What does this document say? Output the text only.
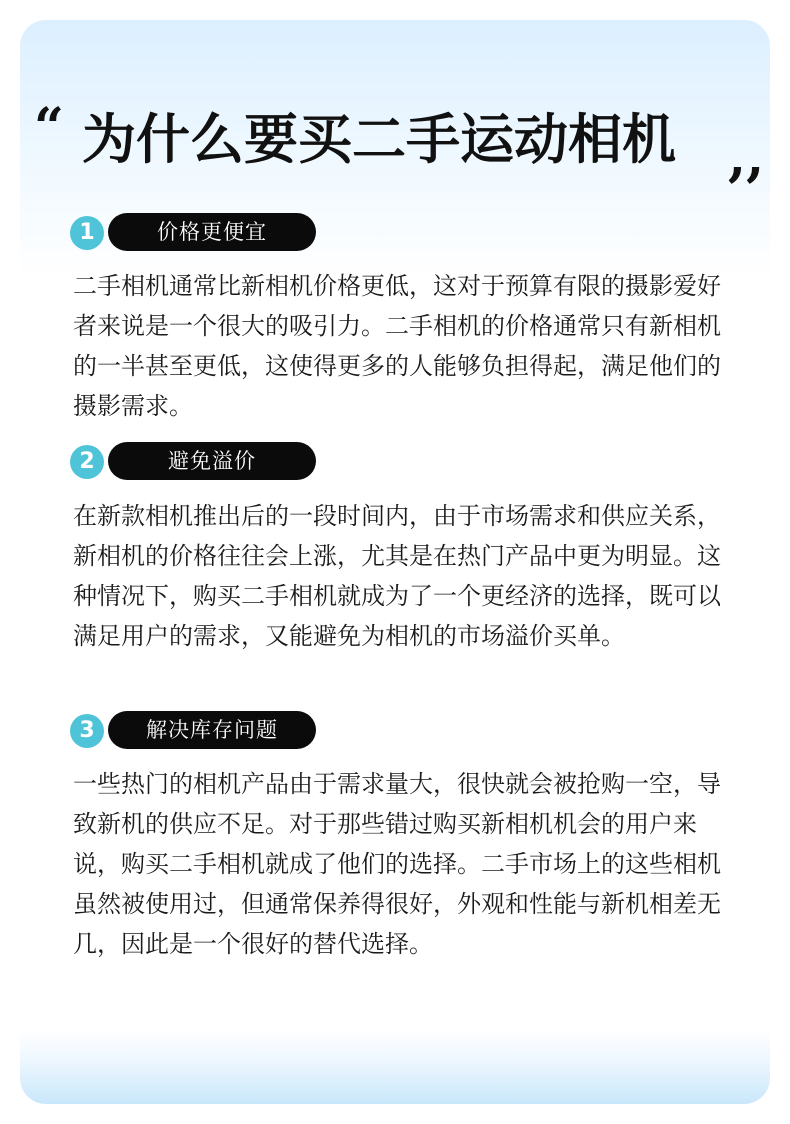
“ 为什么要买二手运动相机	,,
1	价格更便宜

二手相机通常比新相机价格更低，这对于预算有限的摄影爱好者来说是一个很大的吸引力。二手相机的价格通常只有新相机的一半甚至更低，这使得更多的人能够负担得起，满足他们的摄影需求。

2	避免溢价

在新款相机推出后的一段时间内，由于市场需求和供应关系，新相机的价格往往会上涨，尤其是在热门产品中更为明显。这种情况下，购买二手相机就成为了一个更经济的选择，既可以满足用户的需求，又能避免为相机的市场溢价买单。

3	解决库存问题

一些热门的相机产品由于需求量大，很快就会被抢购一空，导致新机的供应不足。对于那些错过购买新相机机会的用户来说，购买二手相机就成了他们的选择。二手市场上的这些相机虽然被使用过，但通常保养得很好，外观和性能与新机相差无几，因此是一个很好的替代选择。
